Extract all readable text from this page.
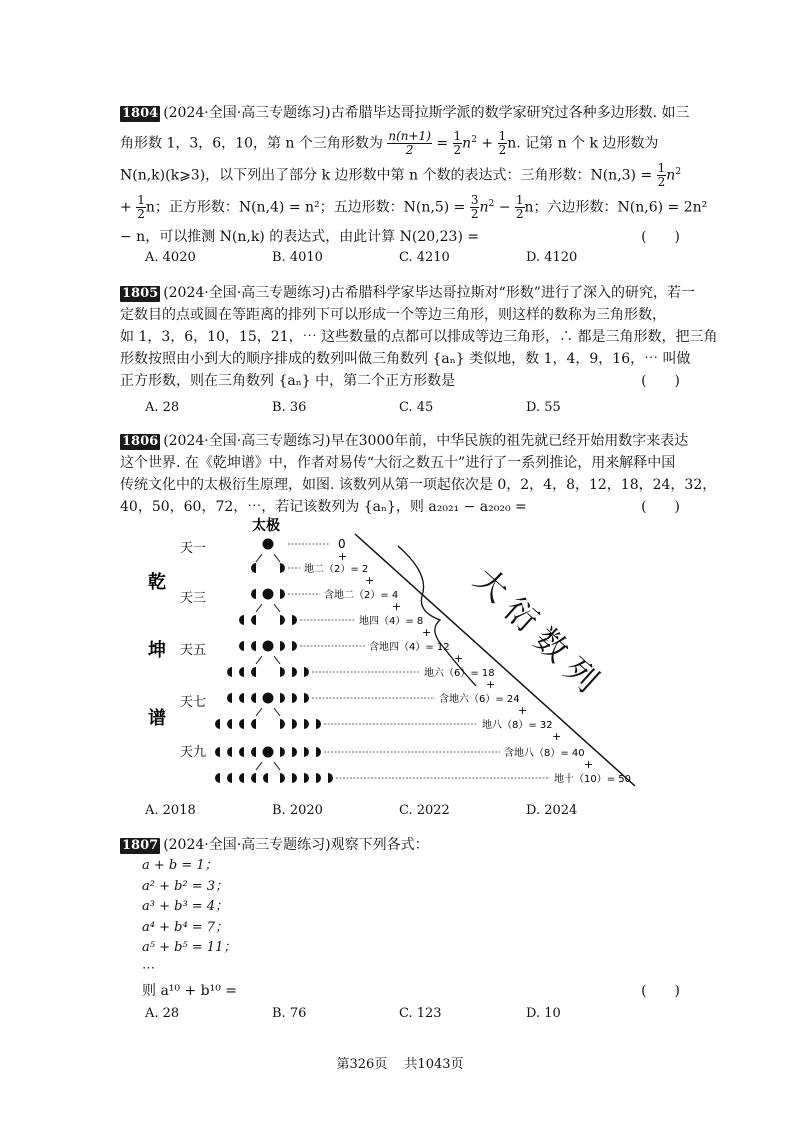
1804 (2024·全国·高三专题练习)古希腊毕达哥拉斯学派的数学家研究过各种多边形数. 如三
角形数 1，3，6，10，第 n 个三角形数为 $\frac{n(n+1)}{2} = \frac{1}{2} n^2 + \frac{1}{2} n$. 记第 n 个 k 边形数为
N(n,k)(k⩾3)，以下列出了部分 k 边形数中第 n 个数的表达式：三角形数：$N(n,3) = \frac{1}{2} n^2$
+ $\frac{1}{2}$ n；正方形数：N(n,4) = n²；五边形数：$N(n,5) = \frac{3}{2} n^2 - \frac{1}{2}$ n；六边形数：N(n,6) = 2n²
− n，可以推测 N(n,k) 的表达式，由此计算 N(20,23) =	(　　)
A. 4020	B. 4010	C. 4210	D. 4120
1805 (2024·全国·高三专题练习)古希腊科学家毕达哥拉斯对“形数”进行了深入的研究，若一
定数目的点或圆在等距离的排列下可以形成一个等边三角形，则这样的数称为三角形数，
如 1，3，6，10，15，21，⋯ 这些数量的点都可以排成等边三角形，∴ 都是三角形数，把三角
形数按照由小到大的顺序排成的数列叫做三角数列 {aₙ} 类似地，数 1，4，9，16，⋯ 叫做
正方形数，则在三角数列 {aₙ} 中，第二个正方形数是	(　　)
A. 28	B. 36	C. 45	D. 55
1806 (2024·全国·高三专题练习)早在3000年前，中华民族的祖先就已经开始用数字来表达
这个世界. 在《乾坤谱》中，作者对易传“大衍之数五十”进行了一系列推论，用来解释中国
传统文化中的太极衍生原理，如图. 该数列从第一项起依次是 0，2，4，8，12，18，24，32，
40，50，60，72，⋯，若记该数列为 {aₙ}，则 a₂₀₂₁ − a₂₀₂₀ =	(　　)
太极
乾
坤
谱
天一
天三
天五
天七
天九
0
地二（2）= 2
含地二（2）= 4
地四（4）= 8
含地四（4）= 12
地六（6）= 18
含地六（6）= 24
地八（8）= 32
含地八（8）= 40
地十（10）= 50
+
+
+
+
+
+
+
+
+
大
衍
数
列
A. 2018	B. 2020	C. 2022	D. 2024
1807 (2024·全国·高三专题练习)观察下列各式：
a + b = 1；
a² + b² = 3；
a³ + b³ = 4；
a⁴ + b⁴ = 7；
a⁵ + b⁵ = 11；
⋯
则 a¹⁰ + b¹⁰ =	(　　)
A. 28	B. 76	C. 123	D. 10
第326页　 共1043页
